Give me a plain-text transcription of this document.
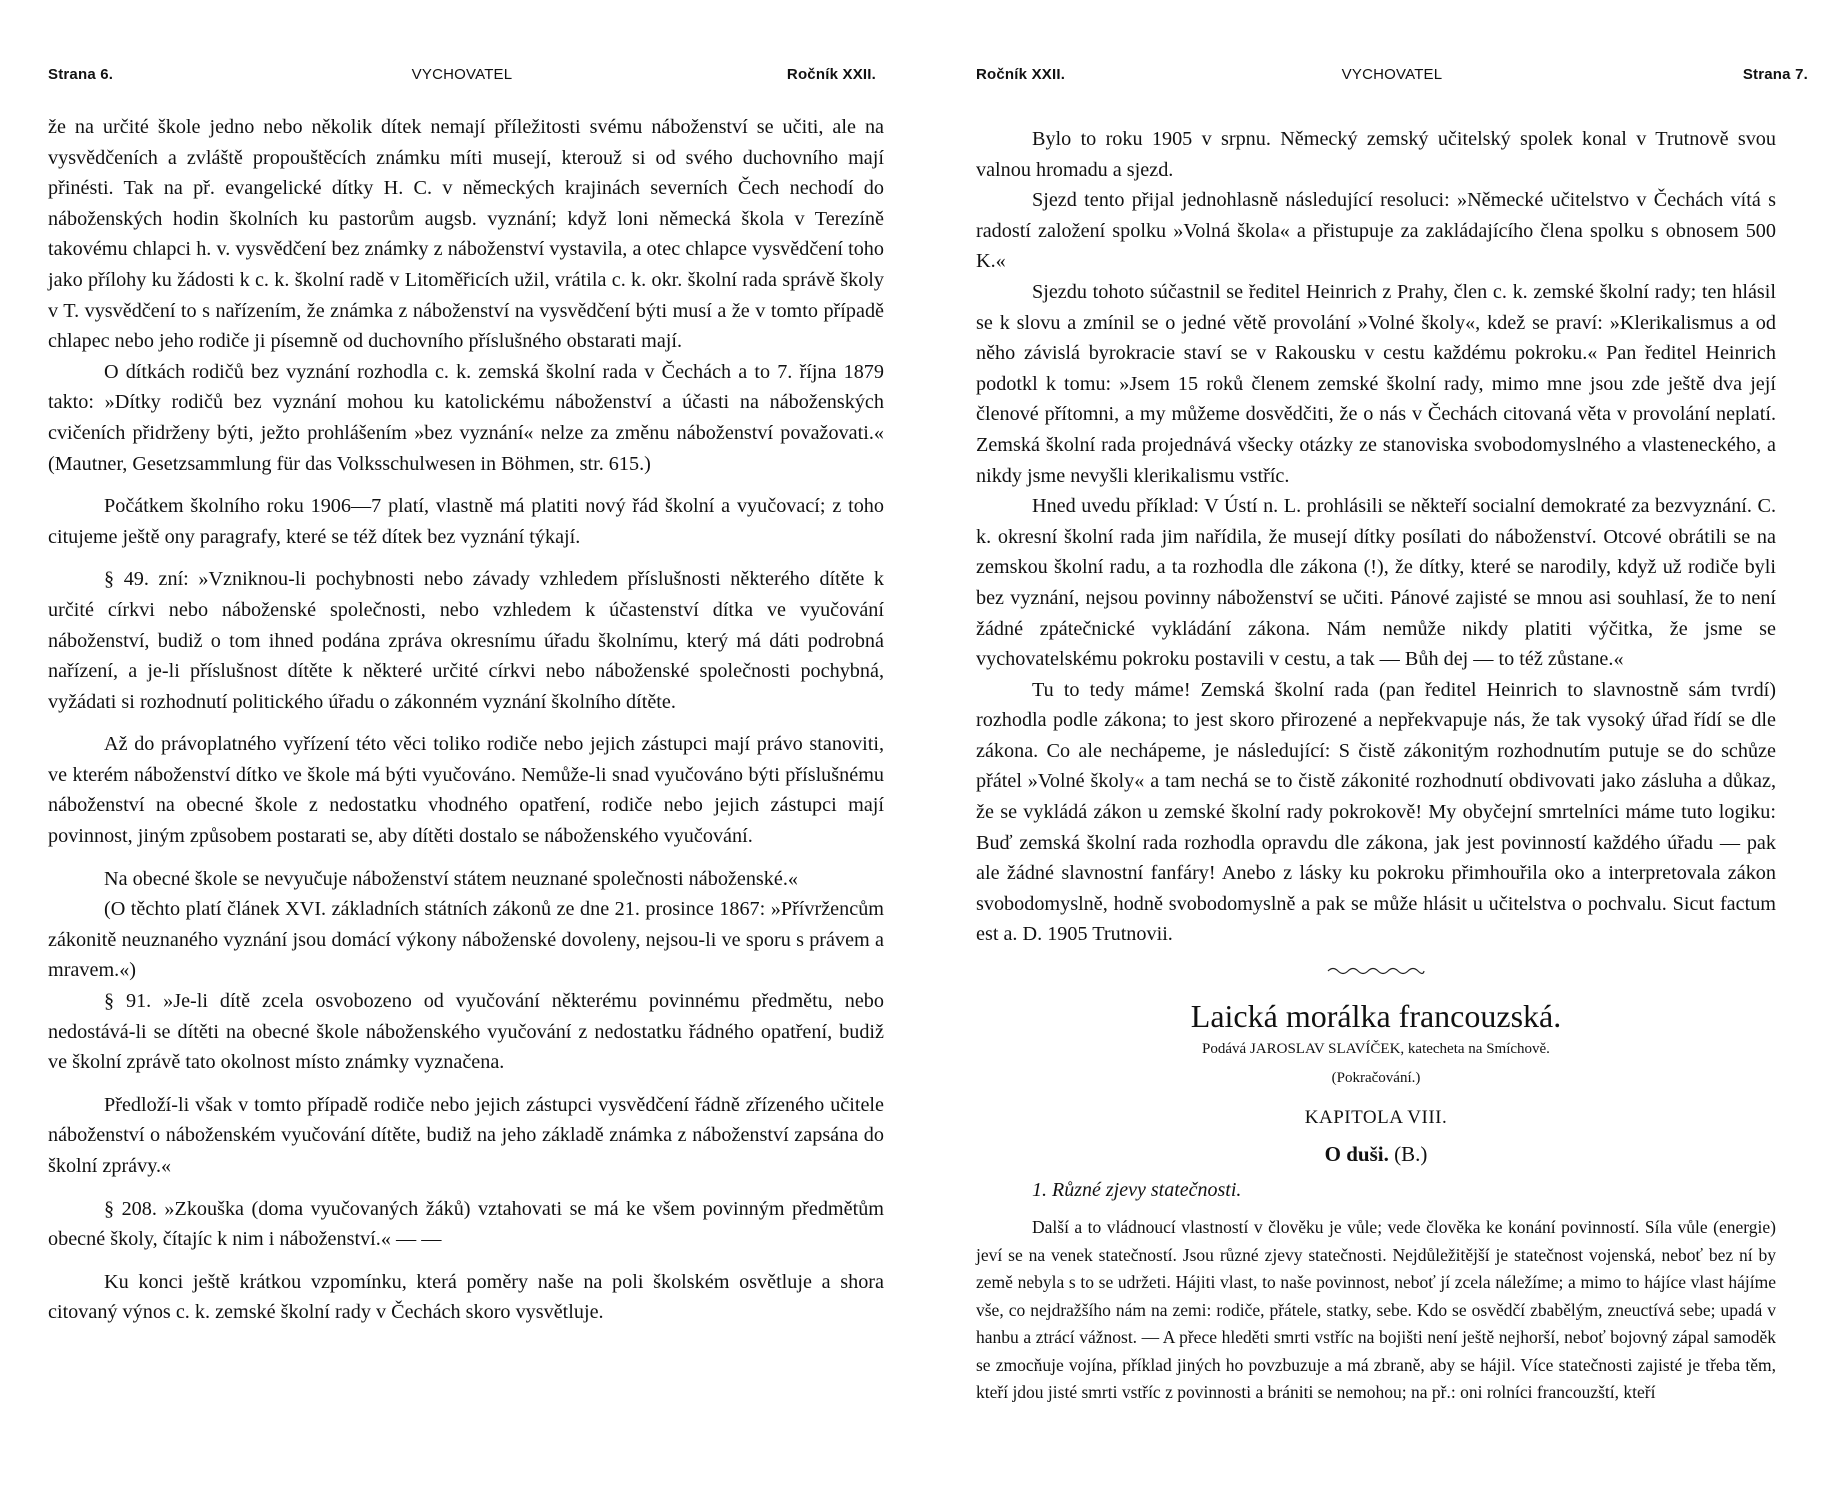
Strana 6.	VYCHOVATEL	Ročník XXII.

že na určité škole jedno nebo několik dítek nemají příležitosti svému náboženství se učiti, ale na vysvědčeních a zvláště propouštěcích známku míti musejí, kterouž si od svého duchovního mají přinésti. Tak na př. evangelické dítky H. C. v německých krajinách severních Čech nechodí do náboženských hodin školních ku pastorům augsb. vyznání; když loni německá škola v Terezíně takovému chlapci h. v. vysvědčení bez známky z náboženství vystavila, a otec chlapce vysvědčení toho jako přílohy ku žádosti k c. k. školní radě v Litoměřicích užil, vrátila c. k. okr. školní rada správě školy v T. vysvědčení to s nařízením, že známka z náboženství na vysvědčení býti musí a že v tomto případě chlapec nebo jeho rodiče ji písemně od duchovního příslušného obstarati mají.

O dítkách rodičů bez vyznání rozhodla c. k. zemská školní rada v Čechách a to 7. října 1879 takto: »Dítky rodičů bez vyznání mohou ku katolickému náboženství a účasti na náboženských cvičeních přidrženy býti, ježto prohlášením »bez vyznání« nelze za změnu náboženství považovati.« (Mautner, Gesetzsammlung für das Volksschulwesen in Böhmen, str. 615.)

Počátkem školního roku 1906—7 platí, vlastně má platiti nový řád školní a vyučovací; z toho citujeme ještě ony paragrafy, které se též dítek bez vyznání týkají.

§ 49. zní: »Vzniknou-li pochybnosti nebo závady vzhledem příslušnosti některého dítěte k určité církvi nebo náboženské společnosti, nebo vzhledem k účastenství dítka ve vyučování náboženství, budiž o tom ihned podána zpráva okresnímu úřadu školnímu, který má dáti podrobná nařízení, a je-li příslušnost dítěte k některé určité církvi nebo náboženské společnosti pochybná, vyžádati si rozhodnutí politického úřadu o zákonném vyznání školního dítěte.

Až do právoplatného vyřízení této věci toliko rodiče nebo jejich zástupci mají právo stanoviti, ve kterém náboženství dítko ve škole má býti vyučováno. Nemůže-li snad vyučováno býti příslušnému náboženství na obecné škole z nedostatku vhodného opatření, rodiče nebo jejich zástupci mají povinnost, jiným způsobem postarati se, aby dítěti dostalo se náboženského vyučování.

Na obecné škole se nevyučuje náboženství státem neuznané společnosti náboženské.«

(O těchto platí článek XVI. základních státních zákonů ze dne 21. prosince 1867: »Přívržencům zákonitě neuznaného vyznání jsou domácí výkony náboženské dovoleny, nejsou-li ve sporu s právem a mravem.«)

§ 91. »Je-li dítě zcela osvobozeno od vyučování některému povinnému předmětu, nebo nedostává-li se dítěti na obecné škole náboženského vyučování z nedostatku řádného opatření, budiž ve školní zprávě tato okolnost místo známky vyznačena.

Předloží-li však v tomto případě rodiče nebo jejich zástupci vysvědčení řádně zřízeného učitele náboženství o náboženském vyučování dítěte, budiž na jeho základě známka z náboženství zapsána do školní zprávy.«

§ 208. »Zkouška (doma vyučovaných žáků) vztahovati se má ke všem povinným předmětům obecné školy, čítajíc k nim i náboženství.« — —

Ku konci ještě krátkou vzpomínku, která poměry naše na poli školském osvětluje a shora citovaný výnos c. k. zemské školní rady v Čechách skoro vysvětluje.

Ročník XXII.	VYCHOVATEL	Strana 7.

Bylo to roku 1905 v srpnu. Německý zemský učitelský spolek konal v Trutnově svou valnou hromadu a sjezd.

Sjezd tento přijal jednohlasně následující resoluci: »Německé učitelstvo v Čechách vítá s radostí založení spolku »Volná škola« a přistupuje za zakládajícího člena spolku s obnosem 500 K.«

Sjezdu tohoto súčastnil se ředitel Heinrich z Prahy, člen c. k. zemské školní rady; ten hlásil se k slovu a zmínil se o jedné větě provolání »Volné školy«, kdež se praví: »Klerikalismus a od něho závislá byrokracie staví se v Rakousku v cestu každému pokroku.« Pan ředitel Heinrich podotkl k tomu: »Jsem 15 roků členem zemské školní rady, mimo mne jsou zde ještě dva její členové přítomni, a my můžeme dosvědčiti, že o nás v Čechách citovaná věta v provolání neplatí. Zemská školní rada projednává všecky otázky ze stanoviska svobodomyslného a vlasteneckého, a nikdy jsme nevyšli klerikalismu vstříc.

Hned uvedu příklad: V Ústí n. L. prohlásili se někteří socialní demokraté za bezvyznání. C. k. okresní školní rada jim nařídila, že musejí dítky posílati do náboženství. Otcové obrátili se na zemskou školní radu, a ta rozhodla dle zákona (!), že dítky, které se narodily, když už rodiče byli bez vyznání, nejsou povinny náboženství se učiti. Pánové zajisté se mnou asi souhlasí, že to není žádné zpátečnické vykládání zákona. Nám nemůže nikdy platiti výčitka, že jsme se vychovatelskému pokroku postavili v cestu, a tak — Bůh dej — to též zůstane.«

Tu to tedy máme! Zemská školní rada (pan ředitel Heinrich to slavnostně sám tvrdí) rozhodla podle zákona; to jest skoro přirozené a nepřekvapuje nás, že tak vysoký úřad řídí se dle zákona. Co ale nechápeme, je následující: S čistě zákonitým rozhodnutím putuje se do schůze přátel »Volné školy« a tam nechá se to čistě zákonité rozhodnutí obdivovati jako zásluha a důkaz, že se vykládá zákon u zemské školní rady pokrokově! My obyčejní smrtelníci máme tuto logiku: Buď zemská školní rada rozhodla opravdu dle zákona, jak jest povinností každého úřadu — pak ale žádné slavnostní fanfáry! Anebo z lásky ku pokroku přimhouřila oko a interpretovala zákon svobodomyslně, hodně svobodomyslně a pak se může hlásit u učitelstva o pochvalu. Sicut factum est a. D. 1905 Trutnovii.

Laická morálka francouzská.
Podává JAROSLAV SLAVÍČEK, katecheta na Smíchově.
(Pokračování.)
KAPITOLA VIII.
O duši. (B.)
1. Různé zjevy statečnosti.

Další a to vládnoucí vlastností v člověku je vůle; vede člověka ke konání povinností. Síla vůle (energie) jeví se na venek statečností. Jsou různé zjevy statečnosti. Nejdůležitější je statečnost vojenská, neboť bez ní by země nebyla s to se udržeti. Hájiti vlast, to naše povinnost, neboť jí zcela náležíme; a mimo to hájíce vlast hájíme vše, co nejdražšího nám na zemi: rodiče, přátele, statky, sebe. Kdo se osvědčí zbabělým, zneuctívá sebe; upadá v hanbu a ztrácí vážnost. — A přece hleděti smrti vstříc na bojišti není ještě nejhorší, neboť bojovný zápal samoděk se zmocňuje vojína, příklad jiných ho povzbuzuje a má zbraně, aby se hájil. Více statečnosti zajisté je třeba těm, kteří jdou jisté smrti vstříc z povinnosti a brániti se nemohou; na př.: oni rolníci francouzští, kteří
